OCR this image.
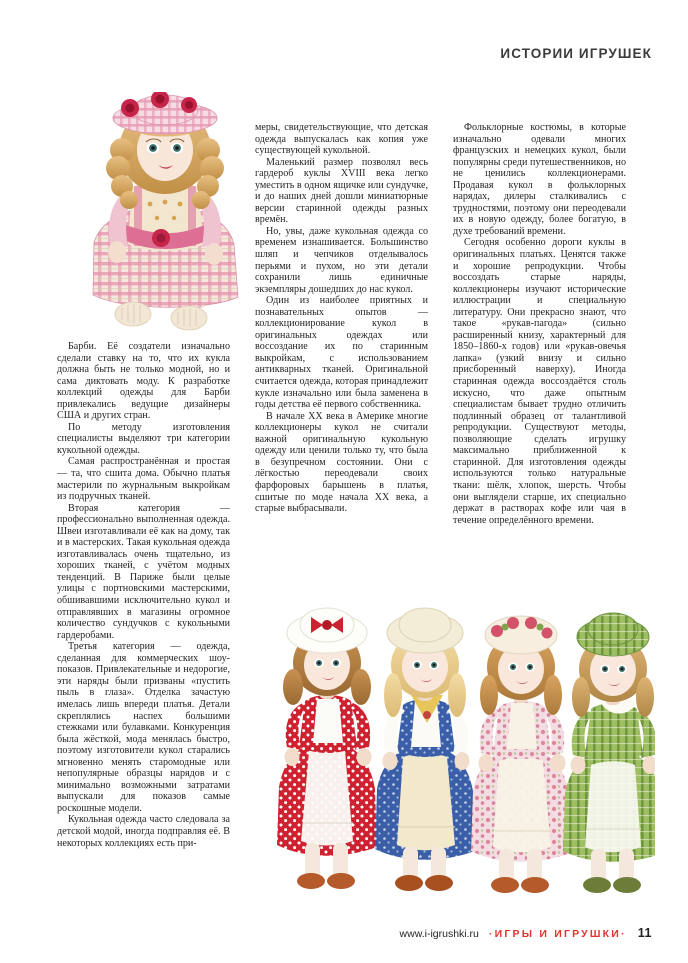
ИСТОРИИ ИГРУШЕК

Барби. Её создатели изначально сделали ставку на то, что их кукла должна быть не только модной, но и сама диктовать моду. К разработке коллекций одежды для Барби привлекались ведущие дизайнеры США и других стран.

По методу изготовления специалисты выделяют три категории кукольной одежды.

Самая распространённая и простая — та, что сшита дома. Обычно платья мастерили по журнальным выкройкам из подручных тканей.

Вторая категория — профессионально выполненная одежда. Швеи изготавливали её как на дому, так и в мастерских. Такая кукольная одежда изготавливалась очень тщательно, из хороших тканей, с учётом модных тенденций. В Париже были целые улицы с портновскими мастерскими, обшивавшими исключительно кукол и отправлявших в магазины огромное количество сундучков с кукольными гардеробами.

Третья категория — одежда, сделанная для коммерческих шоу-показов. Привлекательные и недорогие, эти наряды были призваны «пустить пыль в глаза». Отделка зачастую имелась лишь впереди платья. Детали скреплялись наспех большими стежками или булавками. Конкуренция была жёсткой, мода менялась быстро, поэтому изготовители кукол старались мгновенно менять старомодные или непопулярные образцы нарядов и с минимально возможными затратами выпускали для показов самые роскошные модели.

Кукольная одежда часто следовала за детской модой, иногда подправляя её. В некоторых коллекциях есть при-

меры, свидетельствующие, что детская одежда выпускалась как копия уже существующей кукольной.

Маленький размер позволял весь гардероб куклы XVIII века легко уместить в одном ящичке или сундучке, и до наших дней дошли миниатюрные версии старинной одежды разных времён.

Но, увы, даже кукольная одежда со временем изнашивается. Большинство шляп и чепчиков отделывалось перьями и пухом, но эти детали сохранили лишь единичные экземпляры дошедших до нас кукол.

Один из наиболее приятных и познавательных опытов — коллекционирование кукол в оригинальных одеждах или воссоздание их по старинным выкройкам, с использованием антикварных тканей. Оригинальной считается одежда, которая принадлежит кукле изначально или была заменена в годы детства её первого собственника.

В начале XX века в Америке многие коллекционеры кукол не считали важной оригинальную кукольную одежду или ценили только ту, что была в безупречном состоянии. Они с лёгкостью переодевали своих фарфоровых барышень в платья, сшитые по моде начала XX века, а старые выбрасывали.

Фольклорные костюмы, в которые изначально одевали многих французских и немецких кукол, были популярны среди путешественников, но не ценились коллекционерами. Продавая кукол в фольклорных нарядах, дилеры сталкивались с трудностями, поэтому они переодевали их в новую одежду, более богатую, в духе требований времени.

Сегодня особенно дороги куклы в оригинальных платьях. Ценятся также и хорошие репродукции. Чтобы воссоздать старые наряды, коллекционеры изучают исторические иллюстрации и специальную литературу. Они прекрасно знают, что такое «рукав-пагода» (сильно расширенный книзу, характерный для 1850–1860-х годов) или «рукав-овечья лапка» (узкий внизу и сильно присборенный наверху). Иногда старинная одежда воссоздаётся столь искусно, что даже опытным специалистам бывает трудно отличить подлинный образец от талантливой репродукции. Существуют методы, позволяющие сделать игрушку максимально приближенной к старинной. Для изготовления одежды используются только натуральные ткани: шёлк, хлопок, шерсть. Чтобы они выглядели старше, их специально держат в растворах кофе или чая в течение определённого времени.

www.i-igrushki.ru ·ИГРЫ И ИГРУШКИ· 11
